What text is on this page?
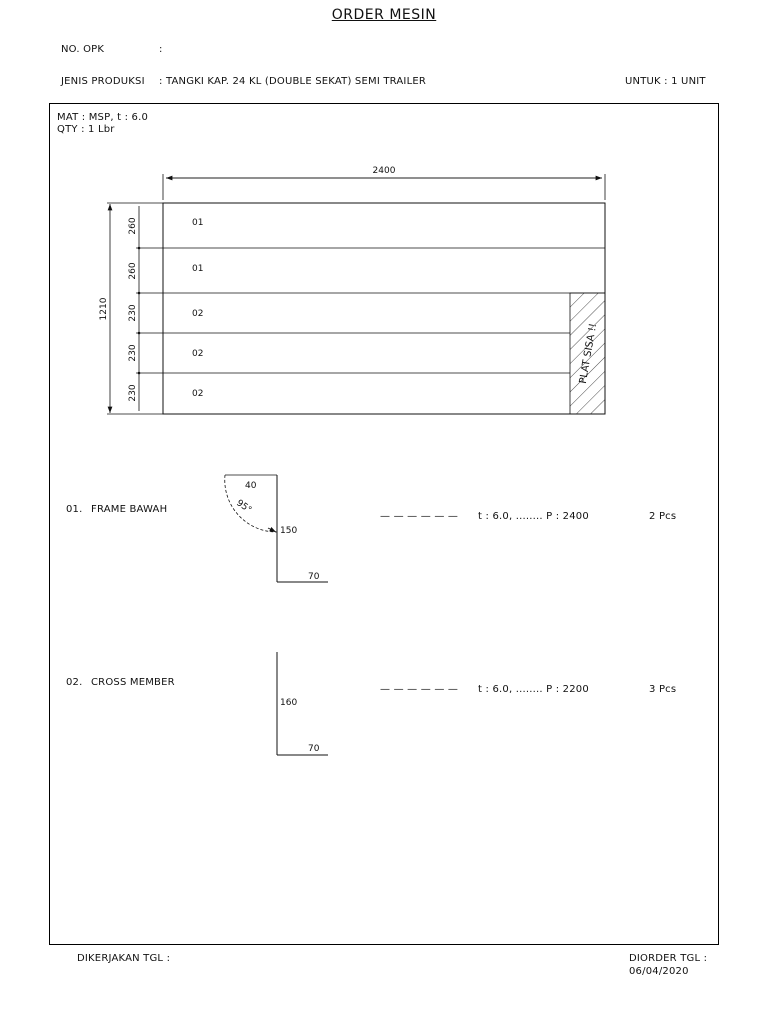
ORDER MESIN
NO. OPK	:
JENIS PRODUKSI : TANGKI KAP. 24 KL (DOUBLE SEKAT) SEMI TRAILER	UNTUK : 1 UNIT
MAT : MSP, t : 6.0
QTY : 1 Lbr
2400
01
01
02
02
02
PLAT SISA !!
260
260
230
230
230
1210
40
95°
150
70
160
70
01. FRAME BAWAH
— — — — — — t : 6.0, ........ P : 2400	2 Pcs
02. CROSS MEMBER
— — — — — — t : 6.0, ........ P : 2200	3 Pcs
DIKERJAKAN TGL :	DIORDER TGL :
06/04/2020
